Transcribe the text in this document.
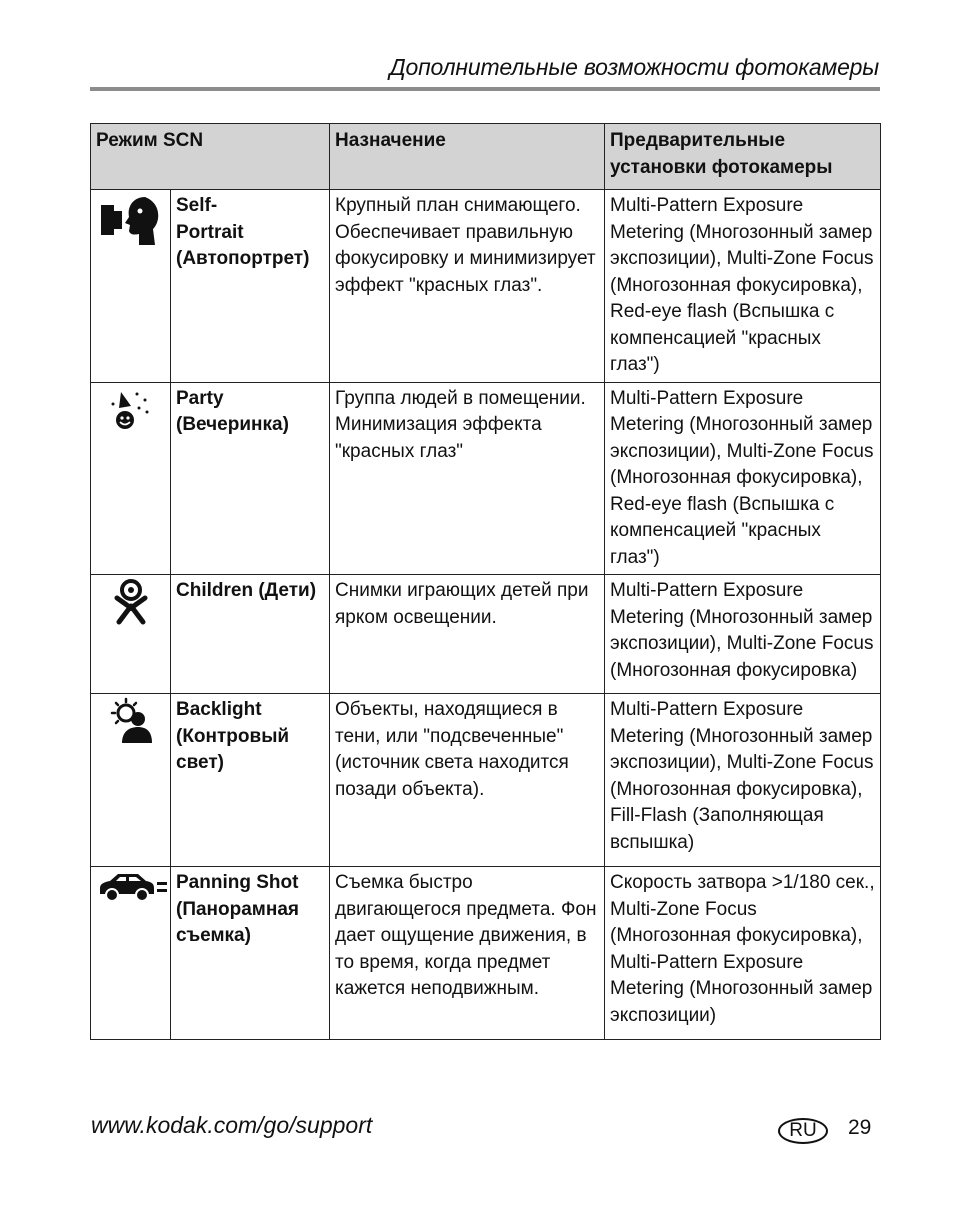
Дополнительные возможности фотокамеры
Режим SCN		Назначение	Предварительные установки фотокамеры

	Self-
Portrait
(Автопортрет)	Крупный план снимающего. Обеспечивает правильную фокусировку и минимизирует эффект "красных глаз".	Multi-Pattern Exposure Metering (Многозонный замер экспозиции), Multi-Zone Focus (Многозонная фокусировка), Red-eye flash (Вспышка с компенсацией "красных глаз")

	Party
(Вечеринка)	Группа людей в помещении. Минимизация эффекта "красных глаз"	Multi-Pattern Exposure Metering (Многозонный замер экспозиции), Multi-Zone Focus (Многозонная фокусировка), Red-eye flash (Вспышка с компенсацией "красных глаз")

	Children (Дети)	Снимки играющих детей при ярком освещении.	Multi-Pattern Exposure Metering (Многозонный замер экспозиции), Multi-Zone Focus (Многозонная фокусировка)

	Backlight
(Контровый
свет)	Объекты, находящиеся в тени, или "подсвеченные" (источник света находится позади объекта).	Multi-Pattern Exposure Metering (Многозонный замер экспозиции), Multi-Zone Focus (Многозонная фокусировка), Fill-Flash (Заполняющая вспышка)

	Panning Shot
(Панорамная
съемка)	Съемка быстро двигающегося предмета. Фон дает ощущение движения, в то время, когда предмет кажется неподвижным.	Скорость затвора >1/180 сек., Multi-Zone Focus (Многозонная фокусировка), Multi-Pattern Exposure Metering (Многозонный замер экспозиции)
www.kodak.com/go/support	RU	29
